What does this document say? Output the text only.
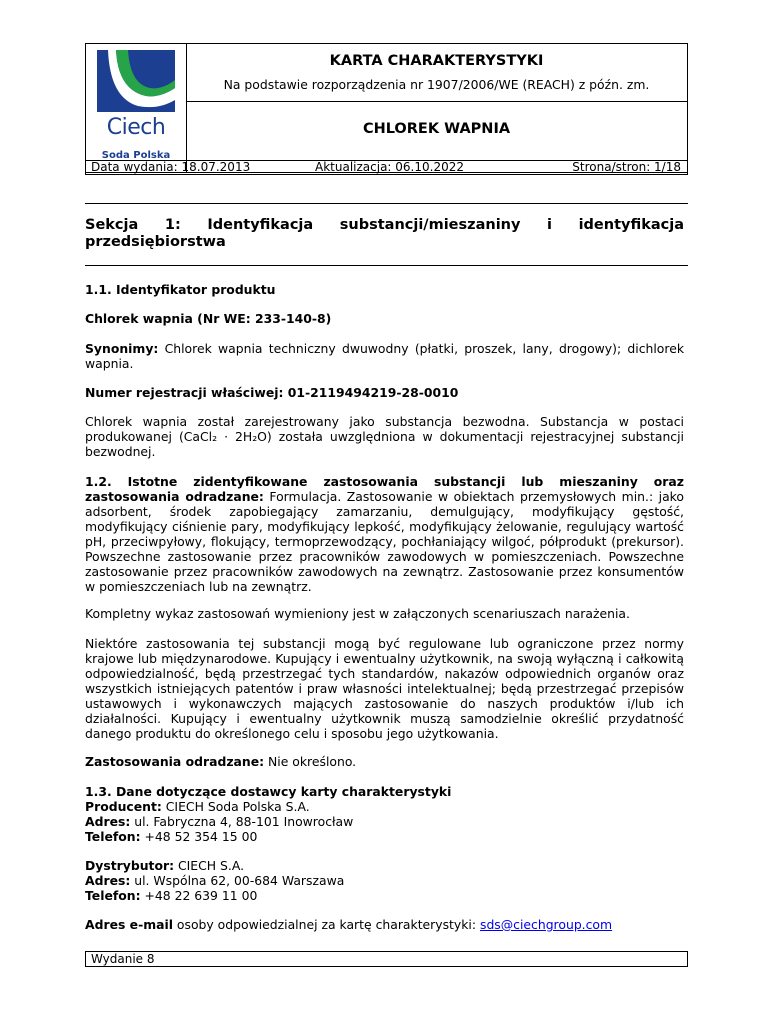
Ciech
Soda Polska
KARTA CHARAKTERYSTYKI
Na podstawie rozporządzenia nr 1907/2006/WE (REACH) z późn. zm.
CHLOREK WAPNIA
Data wydania: 18.07.2013	Aktualizacja: 06.10.2022	Strona/stron: 1/18
Sekcja 1: Identyfikacja substancji/mieszaniny i identyfikacja
przedsiębiorstwa
1.1. Identyfikator produktu
Chlorek wapnia (Nr WE: 233-140-8)
Synonimy: Chlorek wapnia techniczny dwuwodny (płatki, proszek, lany, drogowy); dichlorek wapnia.
Numer rejestracji właściwej: 01-2119494219-28-0010
Chlorek wapnia został zarejestrowany jako substancja bezwodna. Substancja w postaci produkowanej (CaCl₂ · 2H₂O) została uwzględniona w dokumentacji rejestracyjnej substancji bezwodnej.
1.2. Istotne zidentyfikowane zastosowania substancji lub mieszaniny oraz zastosowania odradzane: Formulacja. Zastosowanie w obiektach przemysłowych min.: jako adsorbent, środek zapobiegający zamarzaniu, demulgujący, modyfikujący gęstość, modyfikujący ciśnienie pary, modyfikujący lepkość, modyfikujący żelowanie, regulujący wartość pH, przeciwpyłowy, flokujący, termoprzewodzący, pochłaniający wilgoć, półprodukt (prekursor). Powszechne zastosowanie przez pracowników zawodowych w pomieszczeniach. Powszechne zastosowanie przez pracowników zawodowych na zewnątrz. Zastosowanie przez konsumentów w pomieszczeniach lub na zewnątrz.
Kompletny wykaz zastosowań wymieniony jest w załączonych scenariuszach narażenia.
Niektóre zastosowania tej substancji mogą być regulowane lub ograniczone przez normy krajowe lub międzynarodowe. Kupujący i ewentualny użytkownik, na swoją wyłączną i całkowitą odpowiedzialność, będą przestrzegać tych standardów, nakazów odpowiednich organów oraz wszystkich istniejących patentów i praw własności intelektualnej; będą przestrzegać przepisów ustawowych i wykonawczych mających zastosowanie do naszych produktów i/lub ich działalności. Kupujący i ewentualny użytkownik muszą samodzielnie określić przydatność danego produktu do określonego celu i sposobu jego użytkowania.
Zastosowania odradzane: Nie określono.
1.3. Dane dotyczące dostawcy karty charakterystyki
Producent: CIECH Soda Polska S.A.
Adres: ul. Fabryczna 4, 88-101 Inowrocław
Telefon: +48 52 354 15 00
Dystrybutor: CIECH S.A.
Adres: ul. Wspólna 62, 00-684 Warszawa
Telefon: +48 22 639 11 00
Adres e-mail osoby odpowiedzialnej za kartę charakterystyki: sds@ciechgroup.com
Wydanie 8
